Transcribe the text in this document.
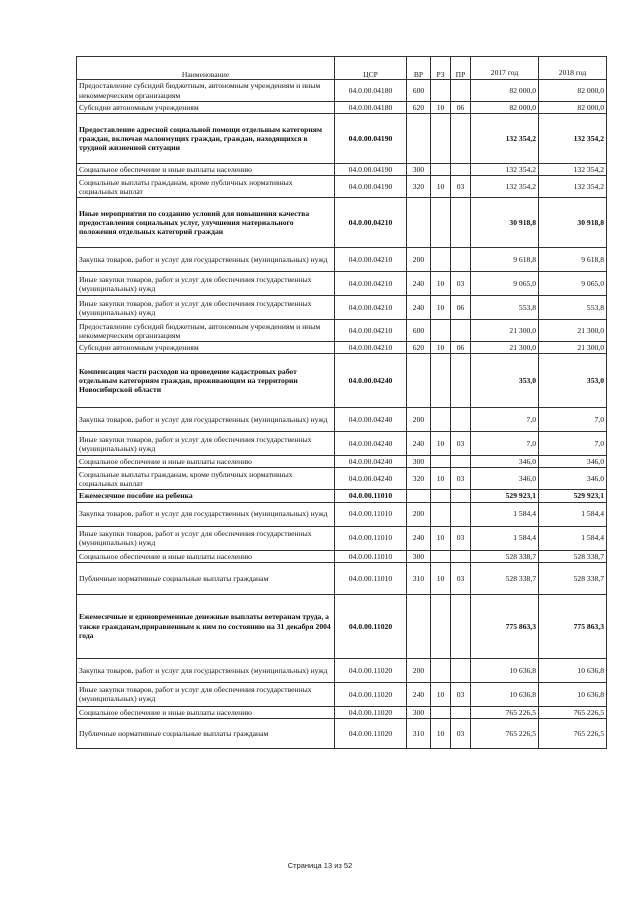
Наименование	ЦСР	ВР	РЗ	ПР	2017 год	2018 год
Предоставление субсидий бюджетным, автономным учреждениям и иным некоммерческим организациям	04.0.00.04180	600			82 000,0	82 000,0
Субсидии автономным учреждениям	04.0.00.04180	620	10	06	82 000,0	82 000,0
Предоставление адресной социальной помощи отдельным категориям граждан, включая малоимущих граждан, граждан, находящихся в трудной жизненной ситуации	04.0.00.04190				132 354,2	132 354,2
Социальное обеспечение и иные выплаты населению	04.0.00.04190	300			132 354,2	132 354,2
Социальные выплаты гражданам, кроме публичных нормативных социальных выплат	04.0.00.04190	320	10	03	132 354,2	132 354,2
Иные мероприятия по созданию условий для повышения качества предоставления социальных услуг, улучшения материального положения отдельных категорий граждан	04.0.00.04210				30 918,8	30 918,8
Закупка товаров, работ и услуг для государственных (муниципальных) нужд	04.0.00.04210	200			9 618,8	9 618,8
Иные закупки товаров, работ и услуг для обеспечения государственных (муниципальных) нужд	04.0.00.04210	240	10	03	9 065,0	9 065,0
Иные закупки товаров, работ и услуг для обеспечения государственных (муниципальных) нужд	04.0.00.04210	240	10	06	553,8	553,8
Предоставление субсидий бюджетным, автономным учреждениям и иным некоммерческим организациям	04.0.00.04210	600			21 300,0	21 300,0
Субсидии автономным учреждениям	04.0.00.04210	620	10	06	21 300,0	21 300,0
Компенсация части расходов на проведение кадастровых работ отдельным категориям граждан, проживающим на территории Новосибирской области	04.0.00.04240				353,0	353,0
Закупка товаров, работ и услуг для государственных (муниципальных) нужд	04.0.00.04240	200			7,0	7,0
Иные закупки товаров, работ и услуг для обеспечения государственных (муниципальных) нужд	04.0.00.04240	240	10	03	7,0	7,0
Социальное обеспечение и иные выплаты населению	04.0.00.04240	300			346,0	346,0
Социальные выплаты гражданам, кроме публичных нормативных социальных выплат	04.0.00.04240	320	10	03	346,0	346,0
Ежемесячное пособие на ребенка	04.0.00.11010				529 923,1	529 923,1
Закупка товаров, работ и услуг для государственных (муниципальных) нужд	04.0.00.11010	200			1 584,4	1 584,4
Иные закупки товаров, работ и услуг для обеспечения государственных (муниципальных) нужд	04.0.00.11010	240	10	03	1 584,4	1 584,4
Социальное обеспечение и иные выплаты населению	04.0.00.11010	300			528 338,7	528 338,7
Публичные нормативные социальные выплаты гражданам	04.0.00.11010	310	10	03	528 338,7	528 338,7
Ежемесячные и единовременные денежные выплаты ветеранам труда, а также гражданам,приравненным к ним по состоянию на 31 декабря 2004 года	04.0.00.11020				775 863,3	775 863,3
Закупка товаров, работ и услуг для государственных (муниципальных) нужд	04.0.00.11020	200			10 636,8	10 636,8
Иные закупки товаров, работ и услуг для обеспечения государственных (муниципальных) нужд	04.0.00.11020	240	10	03	10 636,8	10 636,8
Социальное обеспечение и иные выплаты населению	04.0.00.11020	300			765 226,5	765 226,5
Публичные нормативные социальные выплаты гражданам	04.0.00.11020	310	10	03	765 226,5	765 226,5
Страница 13 из 52
